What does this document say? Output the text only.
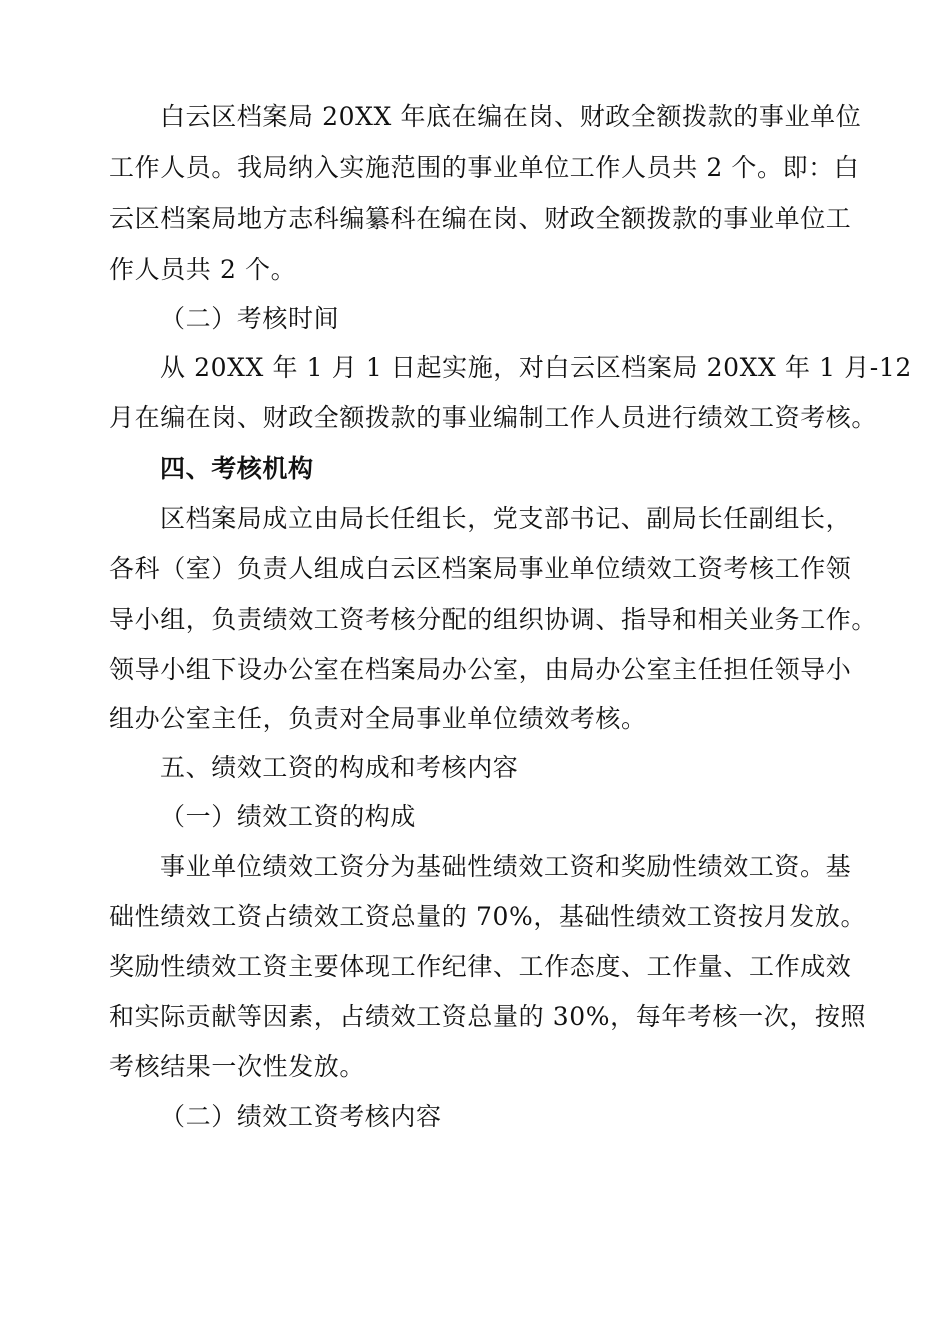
白云区档案局 20XX 年底在编在岗、财政全额拨款的事业单位
工作人员。我局纳入实施范围的事业单位工作人员共 2 个。即：白
云区档案局地方志科编纂科在编在岗、财政全额拨款的事业单位工
作人员共 2 个。
（二）考核时间
从 20XX 年 1 月 1 日起实施，对白云区档案局 20XX 年 1 月-12
月在编在岗、财政全额拨款的事业编制工作人员进行绩效工资考核。
四、考核机构
区档案局成立由局长任组长，党支部书记、副局长任副组长，
各科（室）负责人组成白云区档案局事业单位绩效工资考核工作领
导小组，负责绩效工资考核分配的组织协调、指导和相关业务工作。
领导小组下设办公室在档案局办公室，由局办公室主任担任领导小
组办公室主任，负责对全局事业单位绩效考核。
五、绩效工资的构成和考核内容
（一）绩效工资的构成
事业单位绩效工资分为基础性绩效工资和奖励性绩效工资。基
础性绩效工资占绩效工资总量的 70%，基础性绩效工资按月发放。
奖励性绩效工资主要体现工作纪律、工作态度、工作量、工作成效
和实际贡献等因素，占绩效工资总量的 30%，每年考核一次，按照
考核结果一次性发放。
（二）绩效工资考核内容
